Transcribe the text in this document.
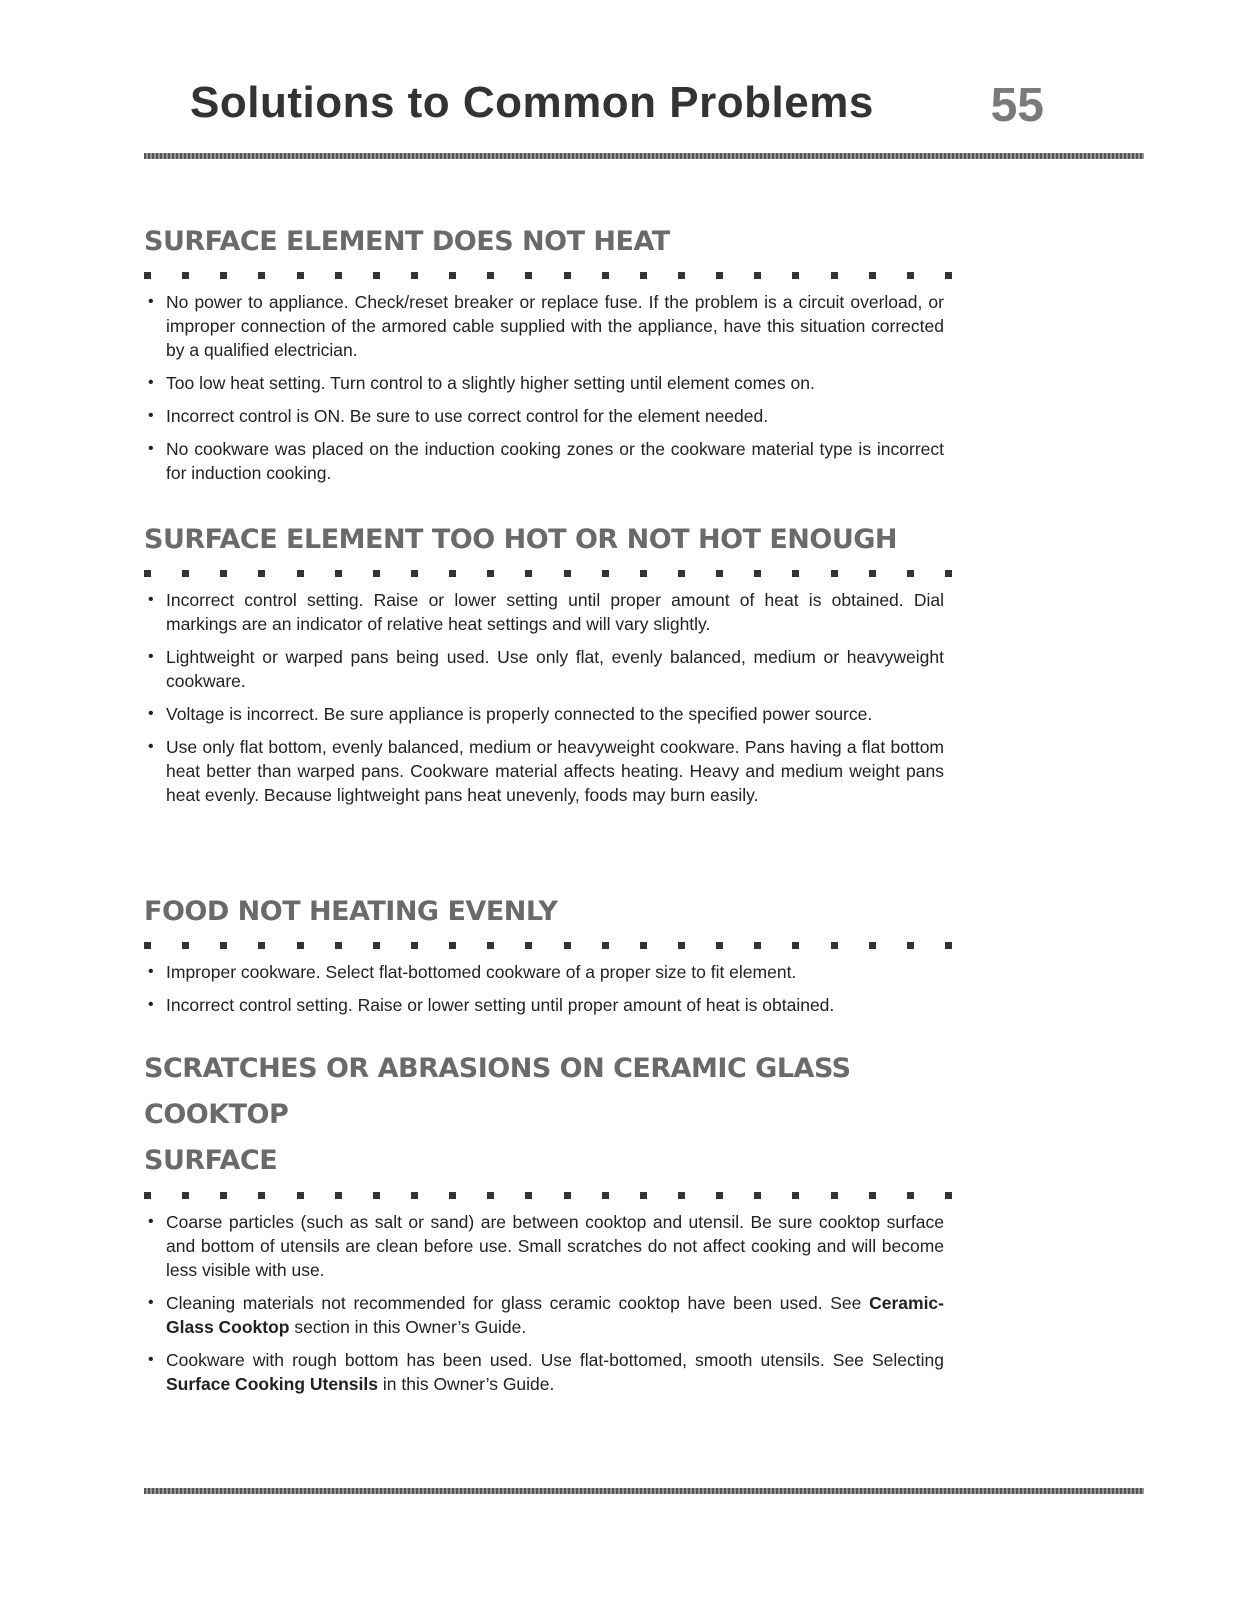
Solutions to Common Problems 55
SURFACE ELEMENT DOES NOT HEAT
• No power to appliance. Check/reset breaker or replace fuse. If the problem is a circuit overload, or improper connection of the armored cable supplied with the appliance, have this situation corrected by a qualified electrician.
• Too low heat setting. Turn control to a slightly higher setting until element comes on.
• Incorrect control is ON. Be sure to use correct control for the element needed.
• No cookware was placed on the induction cooking zones or the cookware material type is incorrect for induction cooking.
SURFACE ELEMENT TOO HOT OR NOT HOT ENOUGH
• Incorrect control setting. Raise or lower setting until proper amount of heat is obtained. Dial markings are an indicator of relative heat settings and will vary slightly.
• Lightweight or warped pans being used. Use only flat, evenly balanced, medium or heavyweight cookware.
• Voltage is incorrect. Be sure appliance is properly connected to the specified power source.
• Use only flat bottom, evenly balanced, medium or heavyweight cookware. Pans having a flat bottom heat better than warped pans. Cookware material affects heating. Heavy and medium weight pans heat evenly. Because lightweight pans heat unevenly, foods may burn easily.
FOOD NOT HEATING EVENLY
• Improper cookware. Select flat-bottomed cookware of a proper size to fit element.
• Incorrect control setting. Raise or lower setting until proper amount of heat is obtained.
SCRATCHES OR ABRASIONS ON CERAMIC GLASS COOKTOP
SURFACE
• Coarse particles (such as salt or sand) are between cooktop and utensil. Be sure cooktop surface and bottom of utensils are clean before use. Small scratches do not affect cooking and will become less visible with use.
• Cleaning materials not recommended for glass ceramic cooktop have been used. See Ceramic-Glass Cooktop section in this Owner’s Guide.
• Cookware with rough bottom has been used. Use flat-bottomed, smooth utensils. See Selecting Surface Cooking Utensils in this Owner’s Guide.
